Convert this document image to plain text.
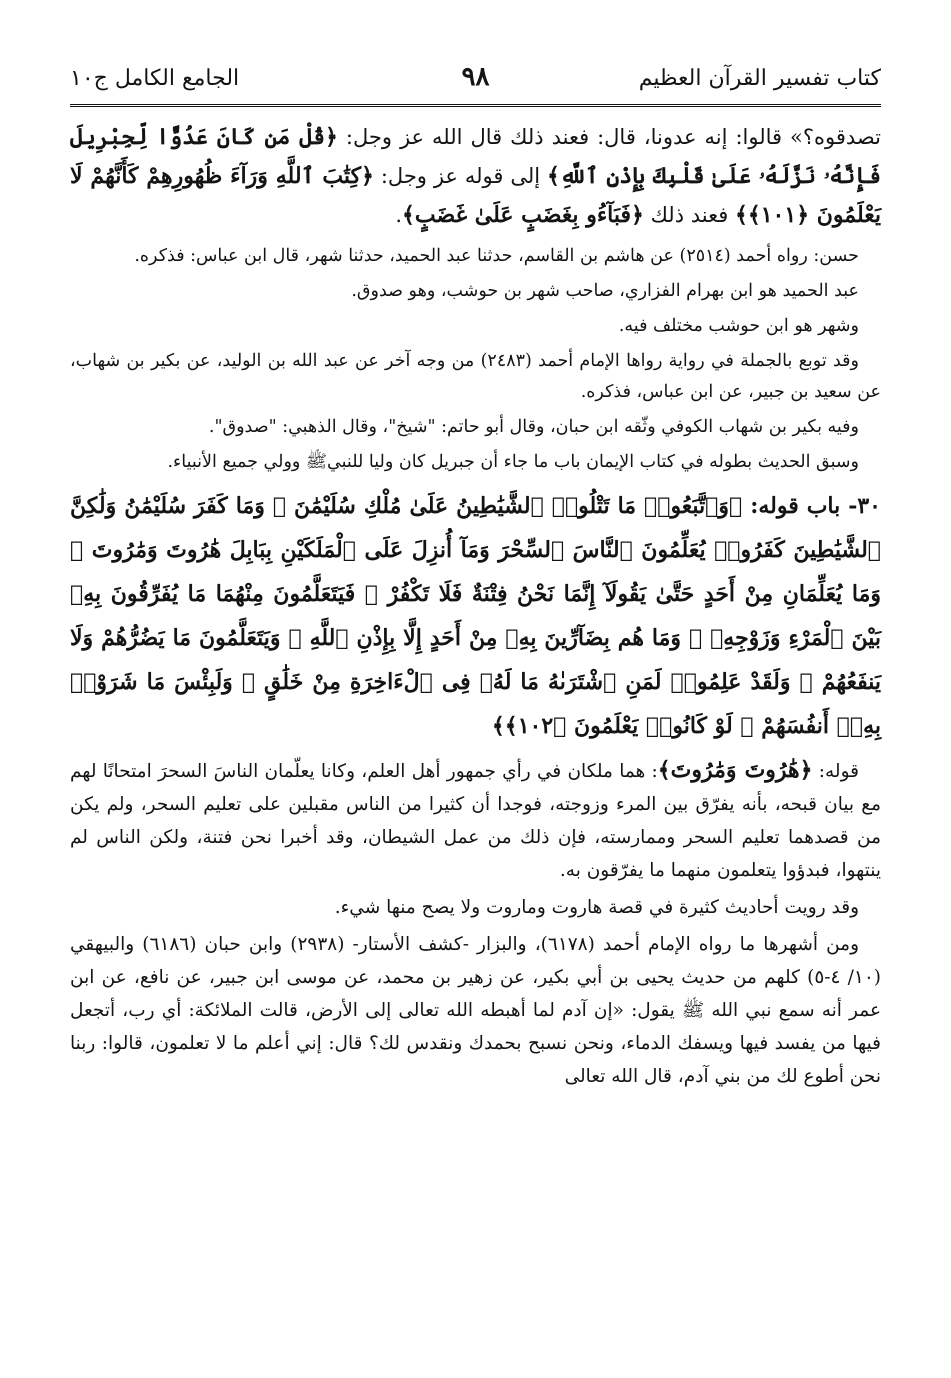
كتاب تفسير القرآن العظيم
٩٨
الجامع الكامل ج١٠

تصدقوه؟» قالوا: إنه عدونا، قال: فعند ذلك قال الله عز وجل: ﴿قُلْ مَن كَانَ عَدُوًّا لِّجِبْرِيلَ فَإِنَّهُۥ نَزَّلَهُۥ عَلَىٰ قَلْبِكَ بِإِذْنِ ٱللَّهِ﴾ إلى قوله عز وجل: ﴿كِتَٰبَ ٱللَّهِ وَرَآءَ ظُهُورِهِمْ كَأَنَّهُمْ لَا يَعْلَمُونَ ﴿١٠١﴾﴾ فعند ذلك ﴿فَبَآءُو بِغَضَبٍ عَلَىٰ غَضَبٍ﴾.

حسن: رواه أحمد (٢٥١٤) عن هاشم بن القاسم، حدثنا عبد الحميد، حدثنا شهر، قال ابن عباس: فذكره.

عبد الحميد هو ابن بهرام الفزاري، صاحب شهر بن حوشب، وهو صدوق.

وشهر هو ابن حوشب مختلف فيه.

وقد توبع بالجملة في رواية رواها الإمام أحمد (٢٤٨٣) من وجه آخر عن عبد الله بن الوليد، عن بكير بن شهاب، عن سعيد بن جبير، عن ابن عباس، فذكره.

وفيه بكير بن شهاب الكوفي وثّقه ابن حبان، وقال أبو حاتم: "شيخ"، وقال الذهبي: "صدوق".

وسبق الحديث بطوله في كتاب الإيمان باب ما جاء أن جبريل كان وليا للنبيﷺ وولي جميع الأنبياء.

٣٠- باب قوله: ﴿وَٱتَّبَعُوا۟ مَا تَتْلُوا۟ ٱلشَّيَٰطِينُ عَلَىٰ مُلْكِ سُلَيْمَٰنَ ۖ وَمَا كَفَرَ سُلَيْمَٰنُ وَلَٰكِنَّ ٱلشَّيَٰطِينَ كَفَرُوا۟ يُعَلِّمُونَ ٱلنَّاسَ ٱلسِّحْرَ وَمَآ أُنزِلَ عَلَى ٱلْمَلَكَيْنِ بِبَابِلَ هَٰرُوتَ وَمَٰرُوتَ ۚ وَمَا يُعَلِّمَانِ مِنْ أَحَدٍ حَتَّىٰ يَقُولَآ إِنَّمَا نَحْنُ فِتْنَةٌ فَلَا تَكْفُرْ ۖ فَيَتَعَلَّمُونَ مِنْهُمَا مَا يُفَرِّقُونَ بِهِۦ بَيْنَ ٱلْمَرْءِ وَزَوْجِهِۦ ۚ وَمَا هُم بِضَآرِّينَ بِهِۦ مِنْ أَحَدٍ إِلَّا بِإِذْنِ ٱللَّهِ ۚ وَيَتَعَلَّمُونَ مَا يَضُرُّهُمْ وَلَا يَنفَعُهُمْ ۚ وَلَقَدْ عَلِمُوا۟ لَمَنِ ٱشْتَرَىٰهُ مَا لَهُۥ فِى ٱلْءَاخِرَةِ مِنْ خَلَٰقٍ ۚ وَلَبِئْسَ مَا شَرَوْا۟ بِهِۦٓ أَنفُسَهُمْ ۚ لَوْ كَانُوا۟ يَعْلَمُونَ ﴿١٠٢﴾﴾

قوله: ﴿هَٰرُوتَ وَمَٰرُوتَ﴾: هما ملكان في رأي جمهور أهل العلم، وكانا يعلّمان الناسَ السحرَ امتحانًا لهم مع بيان قبحه، بأنه يفرّق بين المرء وزوجته، فوجدا أن كثيرا من الناس مقبلين على تعليم السحر، ولم يكن من قصدهما تعليم السحر وممارسته، فإن ذلك من عمل الشيطان، وقد أخبرا نحن فتنة، ولكن الناس لم ينتهوا، فبدؤوا يتعلمون منهما ما يفرّقون به.

وقد رويت أحاديث كثيرة في قصة هاروت وماروت ولا يصح منها شيء.

ومن أشهرها ما رواه الإمام أحمد (٦١٧٨)، والبزار -كشف الأستار- (٢٩٣٨) وابن حبان (٦١٨٦) والبيهقي (١٠/ ٤-٥) كلهم من حديث يحيى بن أبي بكير، عن زهير بن محمد، عن موسى ابن جبير، عن نافع، عن ابن عمر أنه سمع نبي الله ﷺ يقول: «إن آدم لما أهبطه الله تعالى إلى الأرض، قالت الملائكة: أي رب، أتجعل فيها من يفسد فيها ويسفك الدماء، ونحن نسبح بحمدك ونقدس لك؟ قال: إني أعلم ما لا تعلمون، قالوا: ربنا نحن أطوع لك من بني آدم، قال الله تعالى
